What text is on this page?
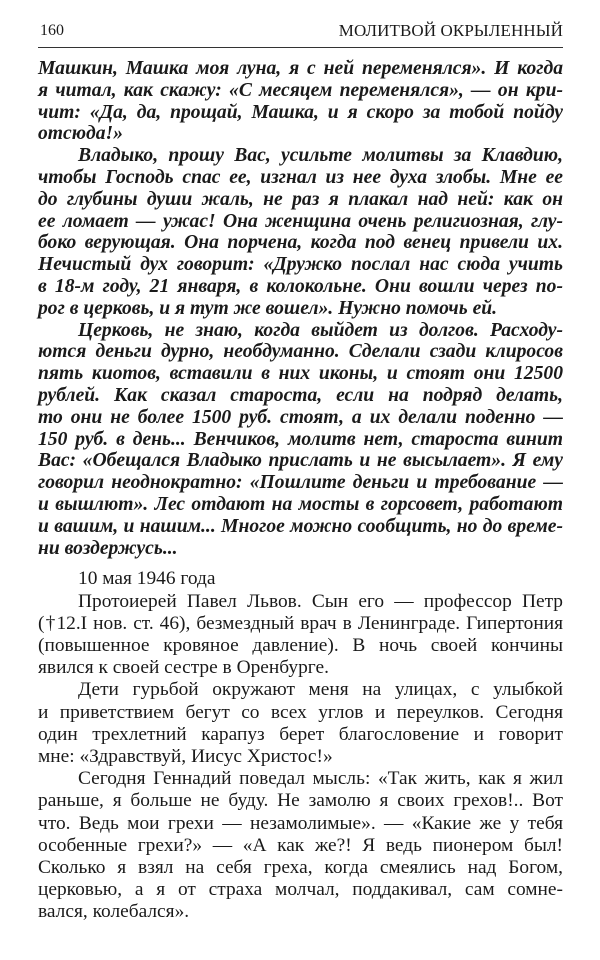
160	МОЛИТВОЙ ОКРЫЛЕННЫЙ
Машкин, Машка моя луна, я с ней переменялся». И когда
я читал, как скажу: «С месяцем переменялся», — он кри-
чит: «Да, да, прощай, Машка, и я скоро за тобой пойду
отсюда!»
Владыко, прошу Вас, усильте молитвы за Клавдию,
чтобы Господь спас ее, изгнал из нее духа злобы. Мне ее
до глубины души жаль, не раз я плакал над ней: как он
ее ломает — ужас! Она женщина очень религиозная, глу-
боко верующая. Она порчена, когда под венец привели их.
Нечистый дух говорит: «Дружко послал нас сюда учить
в 18-м году, 21 января, в колокольне. Они вошли через по-
рог в церковь, и я тут же вошел». Нужно помочь ей.
Церковь, не знаю, когда выйдет из долгов. Расходу-
ются деньги дурно, необдуманно. Сделали сзади клиросов
пять киотов, вставили в них иконы, и стоят они 12500
рублей. Как сказал староста, если на подряд делать,
то они не более 1500 руб. стоят, а их делали поденно —
150 руб. в день... Венчиков, молитв нет, староста винит
Вас: «Обещался Владыко прислать и не высылает». Я ему
говорил неоднократно: «Пошлите деньги и требование —
и вышлют». Лес отдают на мосты в горсовет, работают
и вашим, и нашим... Многое можно сообщить, но до време-
ни воздержусь...
10 мая 1946 года
Протоиерей Павел Львов. Сын его — профессор Петр
(†12.I нов. ст. 46), безмездный врач в Ленинграде. Гипертония
(повышенное кровяное давление). В ночь своей кончины
явился к своей сестре в Оренбурге.
Дети гурьбой окружают меня на улицах, с улыбкой
и приветствием бегут со всех углов и переулков. Сегодня
один трехлетний карапуз берет благословение и говорит
мне: «Здравствуй, Иисус Христос!»
Сегодня Геннадий поведал мысль: «Так жить, как я жил
раньше, я больше не буду. Не замолю я своих грехов!.. Вот
что. Ведь мои грехи — незамолимые». — «Какие же у тебя
особенные грехи?» — «А как же?! Я ведь пионером был!
Сколько я взял на себя греха, когда смеялись над Богом,
церковью, а я от страха молчал, поддакивал, сам сомне-
вался, колебался».
